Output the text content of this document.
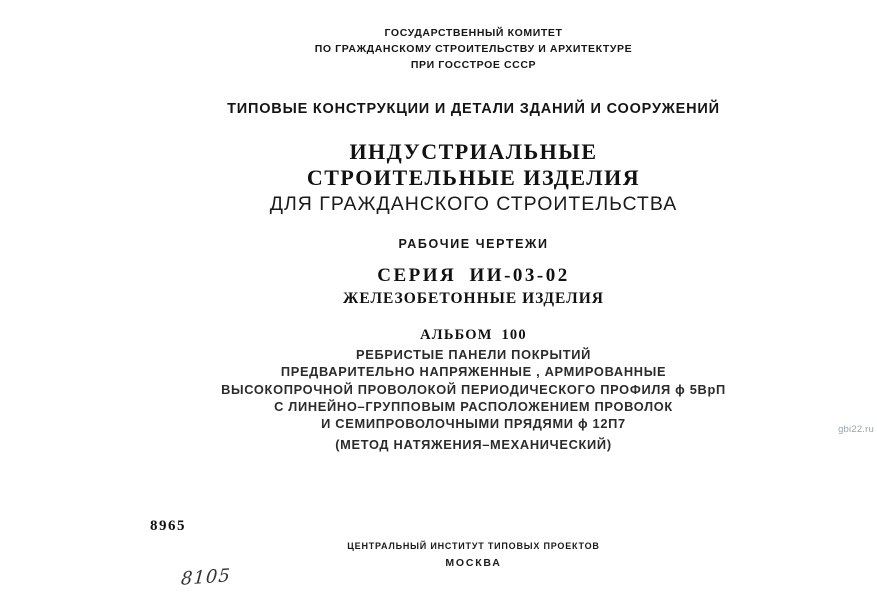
ГОСУДАРСТВЕННЫЙ КОМИТЕТ
ПО ГРАЖДАНСКОМУ СТРОИТЕЛЬСТВУ И АРХИТЕКТУРЕ
ПРИ ГОССТРОЕ СССР
ТИПОВЫЕ КОНСТРУКЦИИ И ДЕТАЛИ ЗДАНИЙ И СООРУЖЕНИЙ
ИНДУСТРИАЛЬНЫЕ
СТРОИТЕЛЬНЫЕ ИЗДЕЛИЯ
ДЛЯ ГРАЖДАНСКОГО СТРОИТЕЛЬСТВА
РАБОЧИЕ ЧЕРТЕЖИ
СЕРИЯ ИИ-03-02
ЖЕЛЕЗОБЕТОННЫЕ ИЗДЕЛИЯ
АЛЬБОМ 100
РЕБРИСТЫЕ ПАНЕЛИ ПОКРЫТИЙ
ПРЕДВАРИТЕЛЬНО НАПРЯЖЕННЫЕ , АРМИРОВАННЫЕ
ВЫСОКОПРОЧНОЙ ПРОВОЛОКОЙ ПЕРИОДИЧЕСКОГО ПРОФИЛЯ ϕ 5ВрП
С ЛИНЕЙНО–ГРУППОВЫМ РАСПОЛОЖЕНИЕМ ПРОВОЛОК
И СЕМИПРОВОЛОЧНЫМИ ПРЯДЯМИ ϕ 12П7
(МЕТОД НАТЯЖЕНИЯ–МЕХАНИЧЕСКИЙ)
8965
ЦЕНТРАЛЬНЫЙ ИНСТИТУТ ТИПОВЫХ ПРОЕКТОВ
МОСКВА
8105
gbi22.ru
